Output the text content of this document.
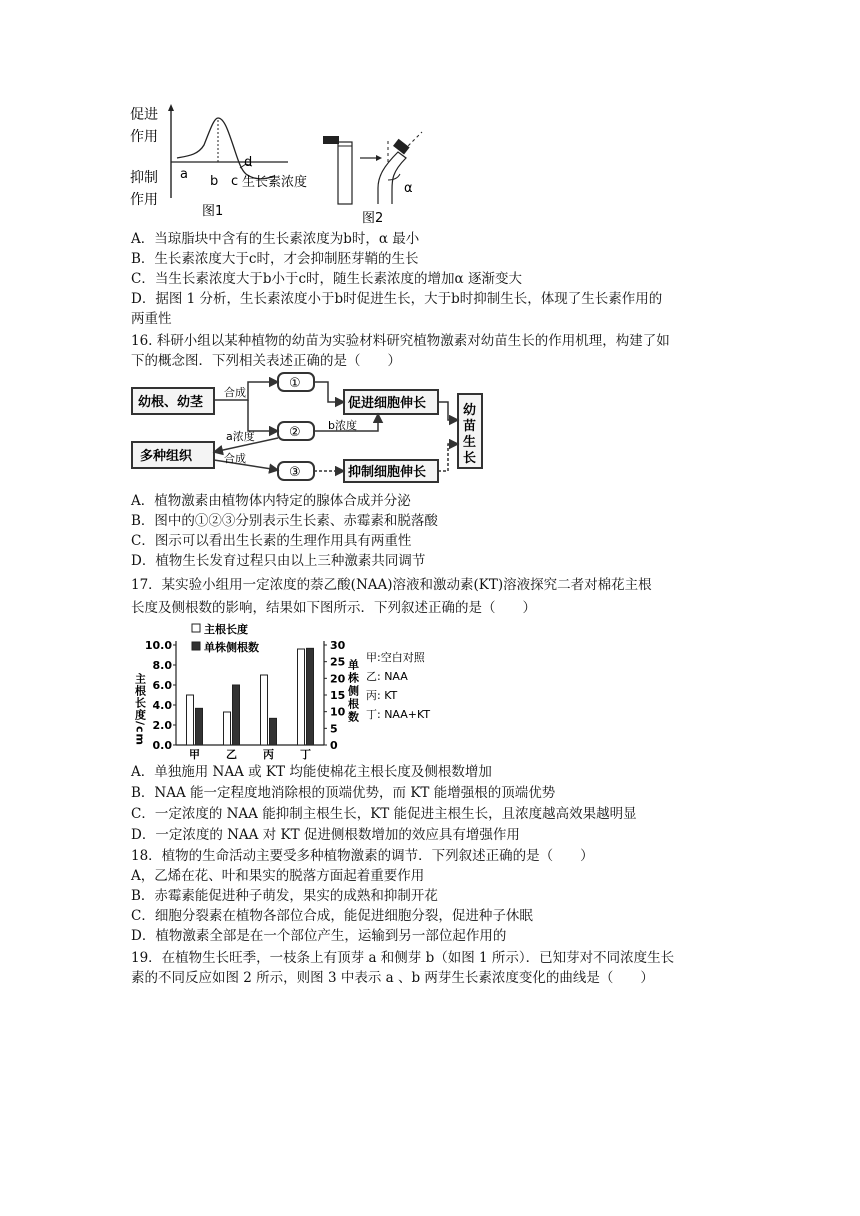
促进
作用
抑制
作用
a b c
d
生长素浓度
图1
α
图2
A．当琼脂块中含有的生长素浓度为b时，α 最小
B．生长素浓度大于c时，才会抑制胚芽鞘的生长
C．当生长素浓度大于b小于c时，随生长素浓度的增加α 逐渐变大
D．据图 1 分析，生长素浓度小于b时促进生长，大于b时抑制生长，体现了生长素作用的
两重性
16. 科研小组以某种植物的幼苗为实验材料研究植物激素对幼苗生长的作用机理，构建了如
下的概念图．下列相关表述正确的是（　　）
幼根、幼茎
多种组织
①
②
③
促进细胞伸长
抑制细胞伸长
幼苗生长
合成
a浓度
b浓度
合成
A．植物激素由植物体内特定的腺体合成并分泌
B．图中的①②③分别表示生长素、赤霉素和脱落酸
C．图示可以看出生长素的生理作用具有两重性
D．植物生长发育过程只由以上三种激素共同调节
17．某实验小组用一定浓度的萘乙酸(NAA)溶液和激动素(KT)溶液探究二者对棉花主根
长度及侧根数的影响，结果如下图所示．下列叙述正确的是（　　）
主根长度
单株侧根数
主根长度/cm	单株侧根数
甲:空白对照
乙: NAA
丙: KT
丁: NAA+KT
0.0
2.0
4.0
6.0
8.0
10.0
0
5
10
15
20
25
30
甲 乙 丙 丁
A．单独施用 NAA 或 KT 均能使棉花主根长度及侧根数增加
B．NAA 能一定程度地消除根的顶端优势，而 KT 能增强根的顶端优势
C．一定浓度的 NAA 能抑制主根生长，KT 能促进主根生长，且浓度越高效果越明显
D．一定浓度的 NAA 对 KT 促进侧根数增加的效应具有增强作用
18．植物的生命活动主要受多种植物激素的调节．下列叙述正确的是（　　）
A，乙烯在花、叶和果实的脱落方面起着重要作用
B．赤霉素能促进种子萌发，果实的成熟和抑制开花
C．细胞分裂素在植物各部位合成，能促进细胞分裂，促进种子休眠
D．植物激素全部是在一个部位产生，运输到另一部位起作用的
19．在植物生长旺季，一枝条上有顶芽 a 和侧芽 b（如图 1 所示）．已知芽对不同浓度生长
素的不同反应如图 2 所示，则图 3 中表示 a 、b 两芽生长素浓度变化的曲线是（　　）
